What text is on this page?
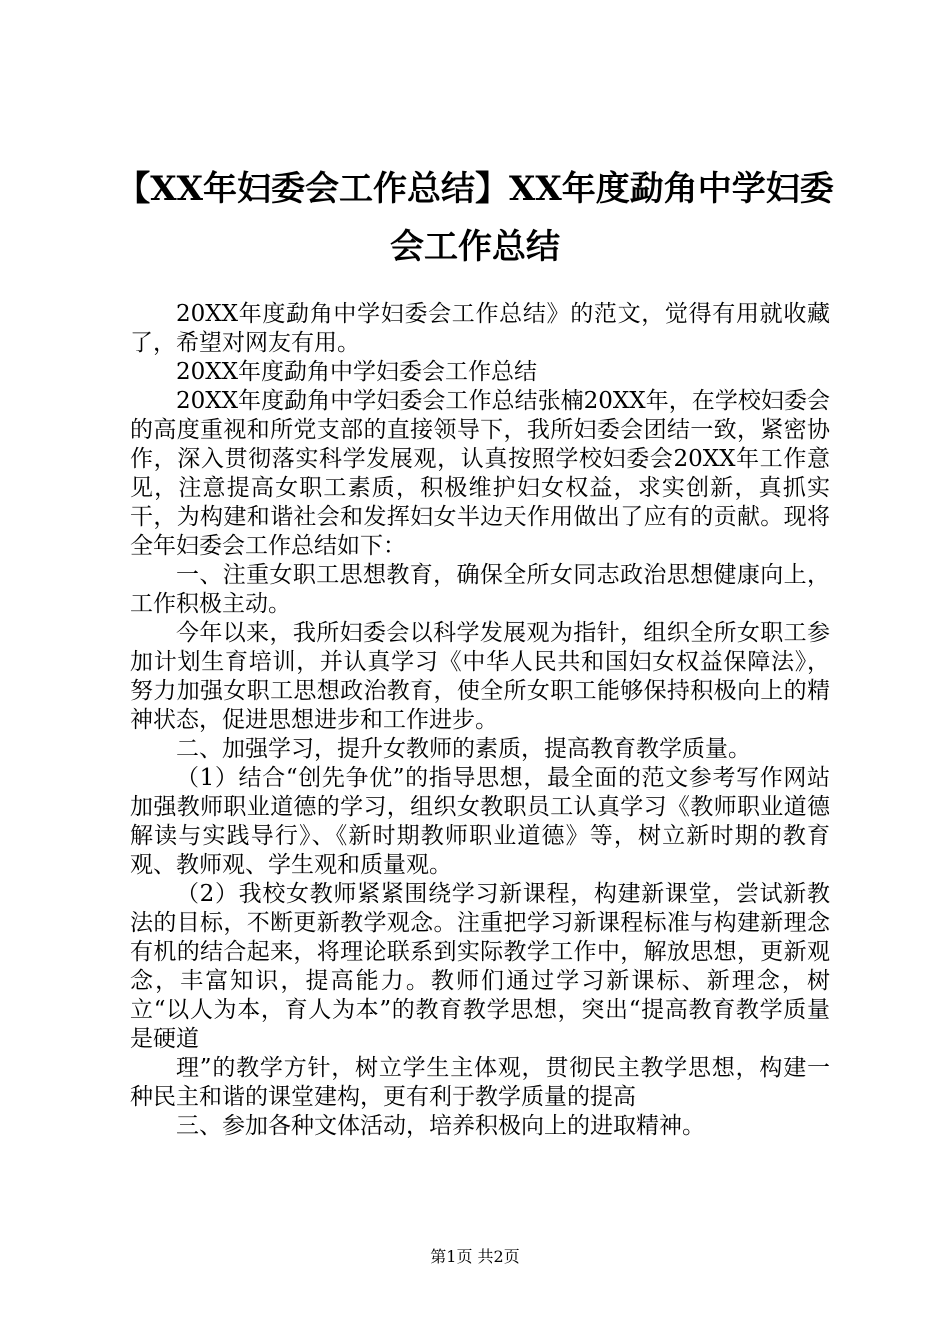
【XX年妇委会工作总结】XX年度勐角中学妇委会工作总结

20XX年度勐角中学妇委会工作总结》的范文，觉得有用就收藏了，希望对网友有用。

20XX年度勐角中学妇委会工作总结

20XX年度勐角中学妇委会工作总结张楠20XX年，在学校妇委会的高度重视和所党支部的直接领导下，我所妇委会团结一致，紧密协作，深入贯彻落实科学发展观，认真按照学校妇委会20XX年工作意见，注意提高女职工素质，积极维护妇女权益，求实创新，真抓实干，为构建和谐社会和发挥妇女半边天作用做出了应有的贡献。现将全年妇委会工作总结如下：

一、注重女职工思想教育，确保全所女同志政治思想健康向上，工作积极主动。

今年以来，我所妇委会以科学发展观为指针，组织全所女职工参加计划生育培训，并认真学习《中华人民共和国妇女权益保障法》，努力加强女职工思想政治教育，使全所女职工能够保持积极向上的精神状态，促进思想进步和工作进步。

二、加强学习，提升女教师的素质，提高教育教学质量。

（1）结合“创先争优”的指导思想，最全面的范文参考写作网站加强教师职业道德的学习，组织女教职员工认真学习《教师职业道德解读与实践导行》、《新时期教师职业道德》等，树立新时期的教育观、教师观、学生观和质量观。

（2）我校女教师紧紧围绕学习新课程，构建新课堂，尝试新教法的目标，不断更新教学观念。注重把学习新课程标准与构建新理念有机的结合起来，将理论联系到实际教学工作中，解放思想，更新观念，丰富知识，提高能力。教师们通过学习新课标、新理念，树立“以人为本，育人为本”的教育教学思想，突出“提高教育教学质量是硬道

理”的教学方针，树立学生主体观，贯彻民主教学思想，构建一种民主和谐的课堂建构，更有利于教学质量的提高

三、参加各种文体活动，培养积极向上的进取精神。

第1页 共2页
